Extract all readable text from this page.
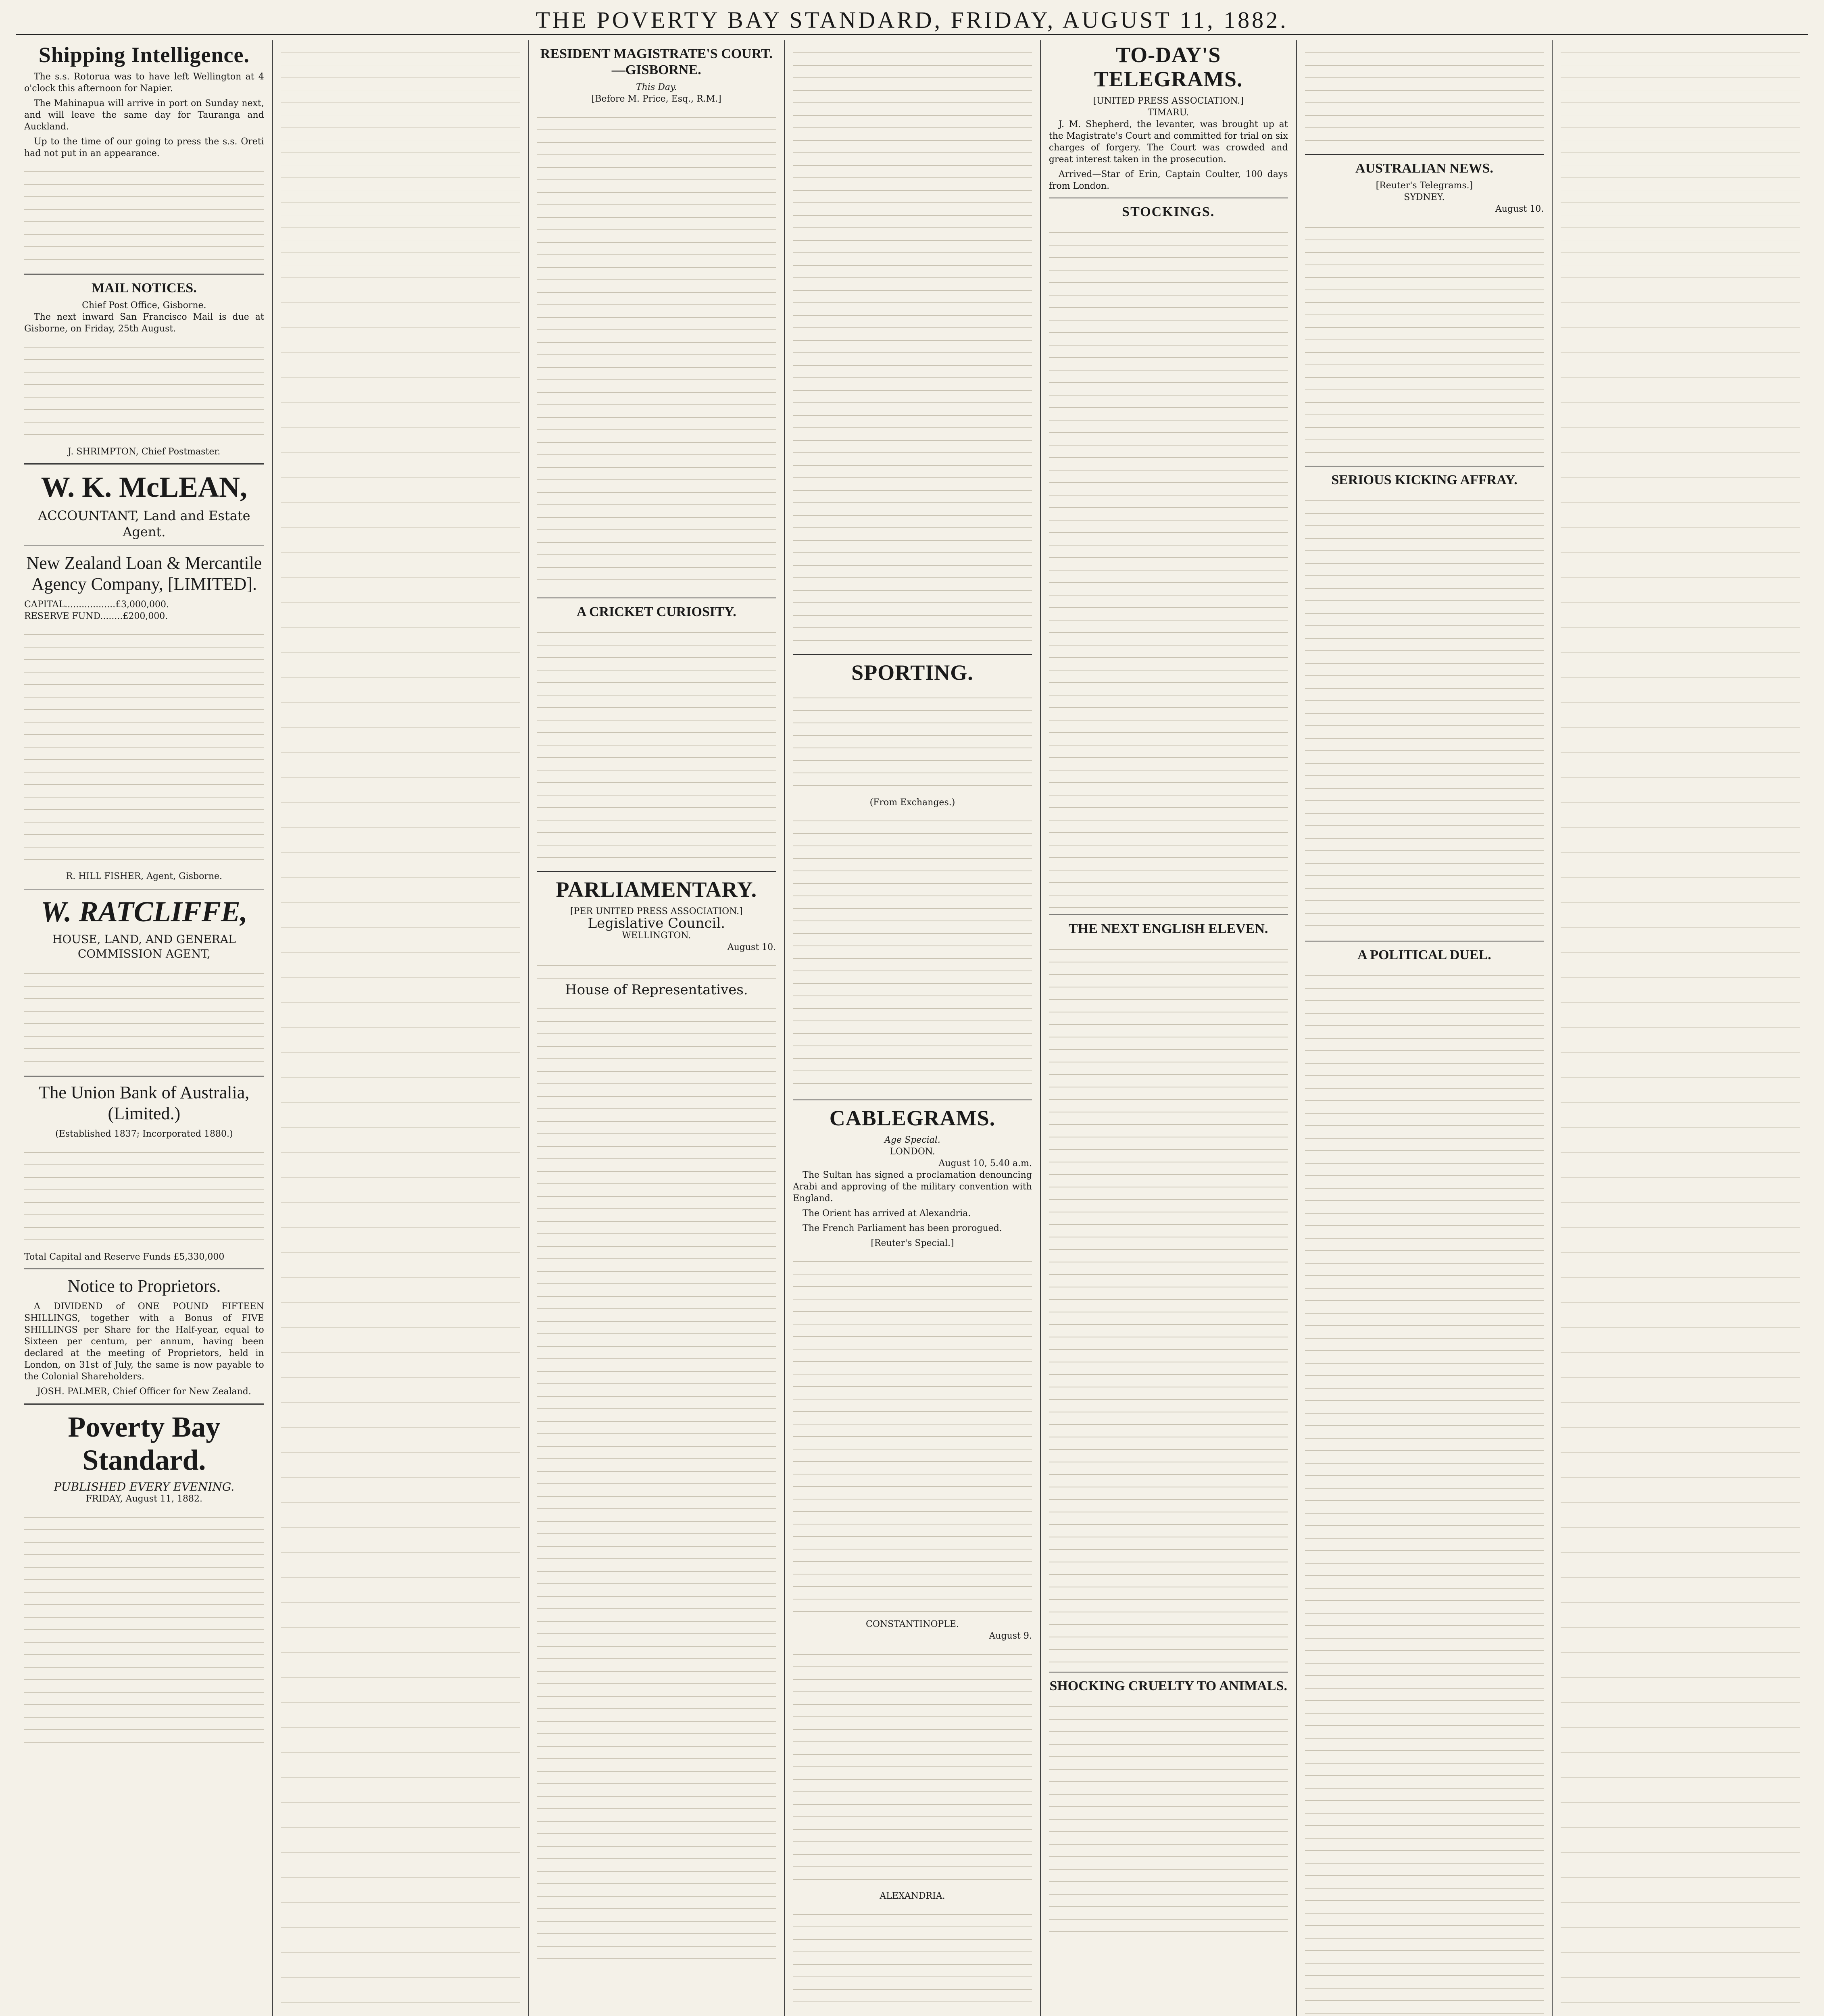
THE POVERTY BAY STANDARD, FRIDAY, AUGUST 11, 1882.
Shipping Intelligence.

The s.s. Rotorua was to have left Wellington at 4 o'clock this afternoon for Napier.

The Mahinapua will arrive in port on Sunday next, and will leave the same day for Tauranga and Auckland.

Up to the time of our going to press the s.s. Oreti had not put in an appearance.

MAIL NOTICES.
Chief Post Office, Gisborne.

The next inward San Francisco Mail is due at Gisborne, on Friday, 25th August.

J. SHRIMPTON, Chief Postmaster.
W. K. McLEAN,
ACCOUNTANT, Land and Estate Agent.
New Zealand Loan & Mercantile Agency Company, [LIMITED].
CAPITAL..................£3,000,000.
RESERVE FUND........£200,000.
R. HILL FISHER, Agent, Gisborne.
W. RATCLIFFE,
HOUSE, LAND, AND GENERAL COMMISSION AGENT,
The Union Bank of Australia, (Limited.)
(Established 1837; Incorporated 1880.)
Total Capital and Reserve Funds £5,330,000
Notice to Proprietors.

A DIVIDEND of ONE POUND FIFTEEN SHILLINGS, together with a Bonus of FIVE SHILLINGS per Share for the Half-year, equal to Sixteen per centum, per annum, having been declared at the meeting of Proprietors, held in London, on 31st of July, the same is now payable to the Colonial Shareholders.

JOSH. PALMER, Chief Officer for New Zealand.
Poverty Bay Standard.
PUBLISHED EVERY EVENING.
FRIDAY, August 11, 1882.
RESIDENT MAGISTRATE'S COURT.—GISBORNE.
This Day.
[Before M. Price, Esq., R.M.]
A CRICKET CURIOSITY.
PARLIAMENTARY.
[PER UNITED PRESS ASSOCIATION.]
Legislative Council.
WELLINGTON.
August 10.
House of Representatives.
SPORTING.
(From Exchanges.)
CABLEGRAMS.
Age Special.
LONDON.
August 10, 5.40 a.m.

The Sultan has signed a proclamation denouncing Arabi and approving of the military convention with England.

The Orient has arrived at Alexandria.

The French Parliament has been prorogued.

[Reuter's Special.]
CONSTANTINOPLE.
August 9.
ALEXANDRIA.
TO-DAY'S TELEGRAMS.
[UNITED PRESS ASSOCIATION.]
TIMARU.

J. M. Shepherd, the levanter, was brought up at the Magistrate's Court and committed for trial on six charges of forgery. The Court was crowded and great interest taken in the prosecution.

Arrived—Star of Erin, Captain Coulter, 100 days from London.

STOCKINGS.
THE NEXT ENGLISH ELEVEN.
SHOCKING CRUELTY TO ANIMALS.
AUSTRALIAN NEWS.
[Reuter's Telegrams.]
SYDNEY.
August 10.
SERIOUS KICKING AFFRAY.
A POLITICAL DUEL.
